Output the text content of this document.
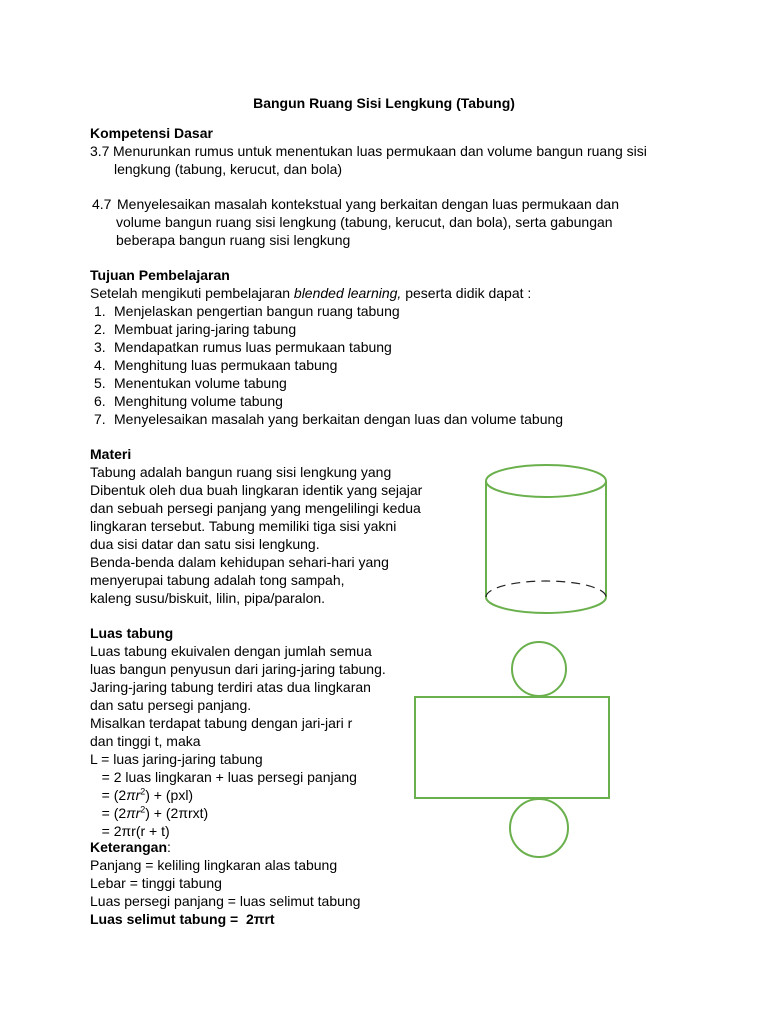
Bangun Ruang Sisi Lengkung (Tabung)
Kompetensi Dasar
3.7 Menurunkan rumus untuk menentukan luas permukaan dan volume bangun ruang sisi
lengkung (tabung, kerucut, dan bola)
4.7 Menyelesaikan masalah kontekstual yang berkaitan dengan luas permukaan dan
volume bangun ruang sisi lengkung (tabung, kerucut, dan bola), serta gabungan
beberapa bangun ruang sisi lengkung
Tujuan Pembelajaran
Setelah mengikuti pembelajaran blended learning, peserta didik dapat :
1. Menjelaskan pengertian bangun ruang tabung
2. Membuat jaring-jaring tabung
3. Mendapatkan rumus luas permukaan tabung
4. Menghitung luas permukaan tabung
5. Menentukan volume tabung
6. Menghitung volume tabung
7. Menyelesaikan masalah yang berkaitan dengan luas dan volume tabung
Materi
Tabung adalah bangun ruang sisi lengkung yang
Dibentuk oleh dua buah lingkaran identik yang sejajar
dan sebuah persegi panjang yang mengelilingi kedua
lingkaran tersebut. Tabung memiliki tiga sisi yakni
dua sisi datar dan satu sisi lengkung.
Benda-benda dalam kehidupan sehari-hari yang
menyerupai tabung adalah tong sampah,
kaleng susu/biskuit, lilin, pipa/paralon.
Luas tabung
Luas tabung ekuivalen dengan jumlah semua
luas bangun penyusun dari jaring-jaring tabung.
Jaring-jaring tabung terdiri atas dua lingkaran
dan satu persegi panjang.
Misalkan terdapat tabung dengan jari-jari r
dan tinggi t, maka
L = luas jaring-jaring tabung
= 2 luas lingkaran + luas persegi panjang
= $(2\pi r^2) + (pxl)$
= $(2\pi r^2) + (2\pi rxt)$
= 2πr(r + t)
Keterangan:
Panjang = keliling lingkaran alas tabung
Lebar = tinggi tabung
Luas persegi panjang = luas selimut tabung
Luas selimut tabung =  2πrt
